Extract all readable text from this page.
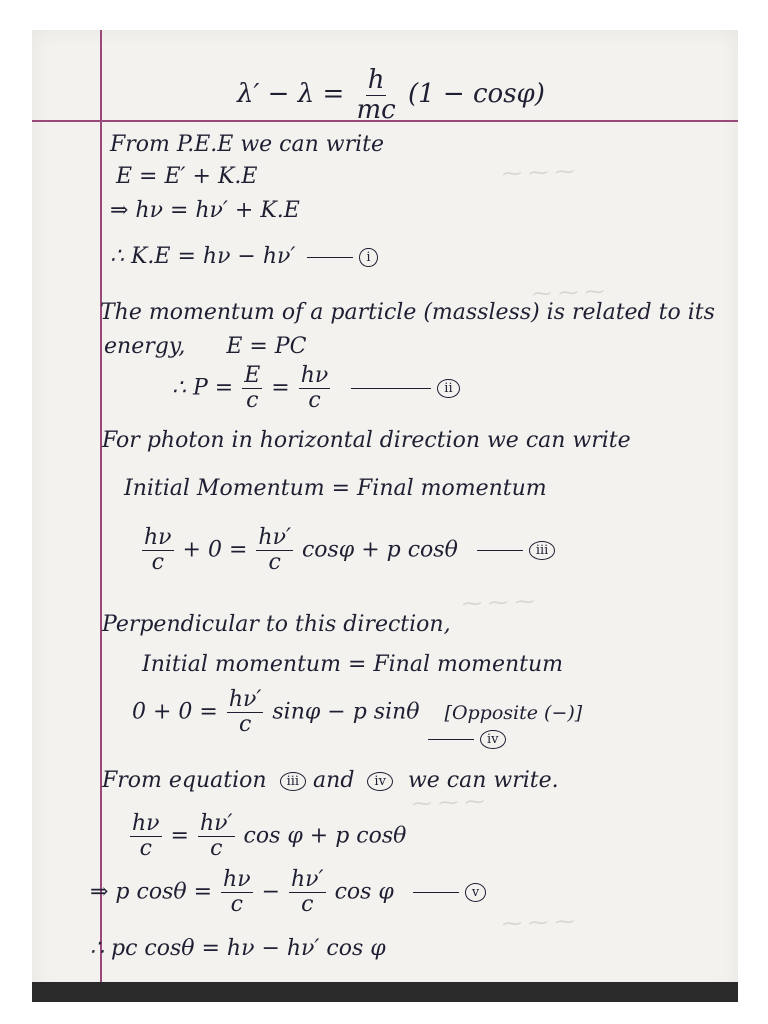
⁓ ⁓ ⁓
⁓ ⁓ ⁓
⁓ ⁓ ⁓
⁓ ⁓ ⁓
⁓ ⁓ ⁓
$\lambda' - \lambda = \frac{h}{mc} (1 - \cos\varphi)$
From P.E.E we can write
E = E′ + K.E
⇒ hν = hν′ + K.E
∴ K.E = hν − hν′	i
The momentum of a particle (massless) is related to its
energy, E = PC
∴ $P = \frac{E}{c} = \frac{h\nu}{c}$	ii
For photon in horizontal direction we can write
Initial Momentum = Final momentum
$\frac{h\nu}{c} + 0 = \frac{h\nu'}{c}$ cosφ + p cosθ	iii
Perpendicular to this direction,
Initial momentum = Final momentum
$0 + 0 = \frac{h\nu'}{c}$ sinφ − p sinθ [Opposite (−)]
iv
From equation iii and iv we can write.
$\frac{h\nu}{c} = \frac{h\nu'}{c}$ cos φ + p cosθ
⇒ p $\cos\theta = \frac{h\nu}{c} - \frac{h\nu'}{c}$ cos φ	v
∴ pc cosθ = hν − hν′ cos φ
